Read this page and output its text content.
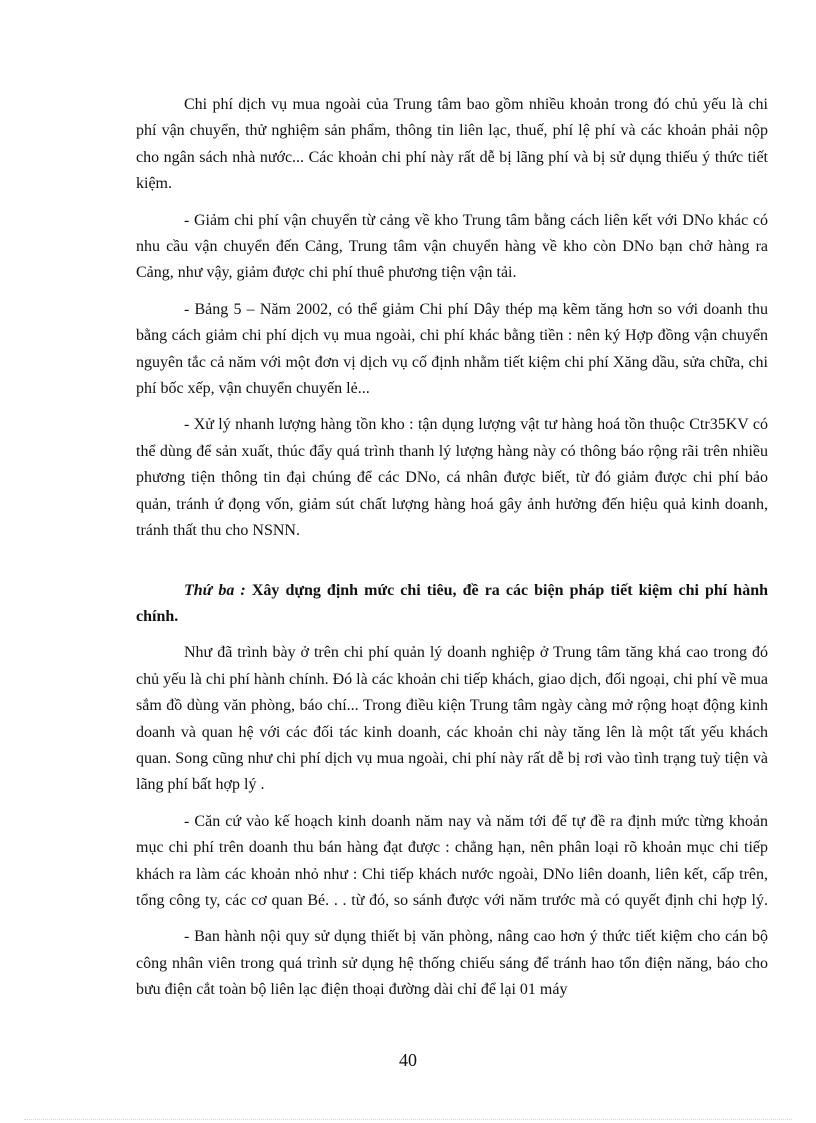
Chi phí dịch vụ mua ngoài của Trung tâm bao gồm nhiều khoản trong đó chủ yếu là chi phí vận chuyển, thử nghiệm sản phẩm, thông tin liên lạc, thuế, phí lệ phí và các khoản phải nộp cho ngân sách nhà nước... Các khoản chi phí này rất dễ bị lãng phí và bị sử dụng thiếu ý thức tiết kiệm.

- Giảm chi phí vận chuyển từ cảng về kho Trung tâm bằng cách liên kết với DNo khác có nhu cầu vận chuyển đến Cảng, Trung tâm vận chuyển hàng về kho còn DNo bạn chở hàng ra Cảng, như vậy, giảm được chi phí thuê phương tiện vận tải.

- Bảng 5 – Năm 2002, có thể giảm Chi phí Dây thép mạ kẽm tăng hơn so với doanh thu bằng cách giảm chi phí dịch vụ mua ngoài, chi phí khác bằng tiền : nên ký Hợp đồng vận chuyển nguyên tắc cả năm với một đơn vị dịch vụ cố định nhằm tiết kiệm chi phí Xăng dầu, sửa chữa, chi phí bốc xếp, vận chuyển chuyến lẻ...

- Xử lý nhanh lượng hàng tồn kho : tận dụng lượng vật tư hàng hoá tồn thuộc Ctr35KV có thể dùng để sản xuất, thúc đẩy quá trình thanh lý lượng hàng này có thông báo rộng rãi trên nhiều phương tiện thông tin đại chúng để các DNo, cá nhân được biết, từ đó giảm được chi phí bảo quản, tránh ứ đọng vốn, giảm sút chất lượng hàng hoá gây ảnh hưởng đến hiệu quả kinh doanh, tránh thất thu cho NSNN.

Thứ ba : Xây dựng định mức chi tiêu, đề ra các biện pháp tiết kiệm chi phí hành chính.

Như đã trình bày ở trên chi phí quản lý doanh nghiệp ở Trung tâm tăng khá cao trong đó chủ yếu là chi phí hành chính. Đó là các khoản chi tiếp khách, giao dịch, đối ngoại, chi phí về mua sắm đồ dùng văn phòng, báo chí... Trong điều kiện Trung tâm ngày càng mở rộng hoạt động kinh doanh và quan hệ với các đối tác kinh doanh, các khoản chi này tăng lên là một tất yếu khách quan. Song cũng như chi phí dịch vụ mua ngoài, chi phí này rất dễ bị rơi vào tình trạng tuỳ tiện và lãng phí bất hợp lý .

- Căn cứ vào kế hoạch kinh doanh năm nay và năm tới để tự đề ra định mức từng khoản mục chi phí trên doanh thu bán hàng đạt được : chẳng hạn, nên phân loại rõ khoản mục chi tiếp khách ra làm các khoản nhỏ như : Chi tiếp khách nước ngoài, DNo liên doanh, liên kết, cấp trên, tổng công ty, các cơ quan Bé. . . từ đó, so sánh được với năm trước mà có quyết định chi hợp lý.

- Ban hành nội quy sử dụng thiết bị văn phòng, nâng cao hơn ý thức tiết kiệm cho cán bộ công nhân viên trong quá trình sử dụng hệ thống chiếu sáng để tránh hao tổn điện năng, báo cho bưu điện cắt toàn bộ liên lạc điện thoại đường dài chỉ để lại 01 máy

40
